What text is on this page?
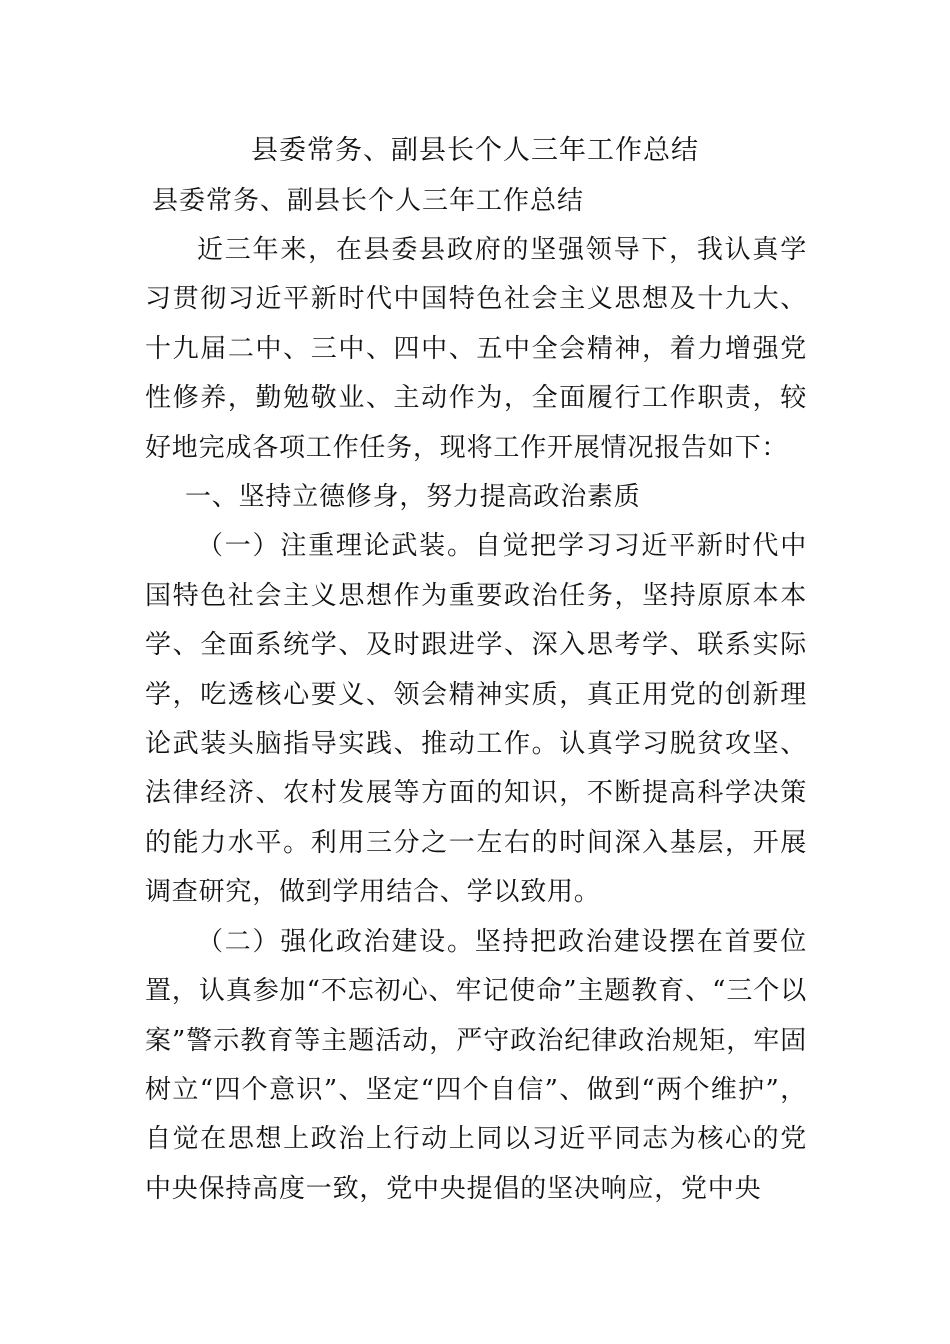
县委常务、副县长个人三年工作总结
县委常务、副县长个人三年工作总结

近三年来，在县委县政府的坚强领导下，我认真学习贯彻习近平新时代中国特色社会主义思想及十九大、十九届二中、三中、四中、五中全会精神，着力增强党性修养，勤勉敬业、主动作为，全面履行工作职责，较好地完成各项工作任务，现将工作开展情况报告如下：

一、坚持立德修身，努力提高政治素质

（一）注重理论武装。自觉把学习习近平新时代中国特色社会主义思想作为重要政治任务，坚持原原本本学、全面系统学、及时跟进学、深入思考学、联系实际学，吃透核心要义、领会精神实质，真正用党的创新理论武装头脑指导实践、推动工作。认真学习脱贫攻坚、法律经济、农村发展等方面的知识，不断提高科学决策的能力水平。利用三分之一左右的时间深入基层，开展调查研究，做到学用结合、学以致用。

（二）强化政治建设。坚持把政治建设摆在首要位置，认真参加“不忘初心、牢记使命”主题教育、“三个以案”警示教育等主题活动，严守政治纪律政治规矩，牢固树立“四个意识”、坚定“四个自信”、做到“两个维护”，自觉在思想上政治上行动上同以习近平同志为核心的党中央保持高度一致，党中央提倡的坚决响应，党中央
